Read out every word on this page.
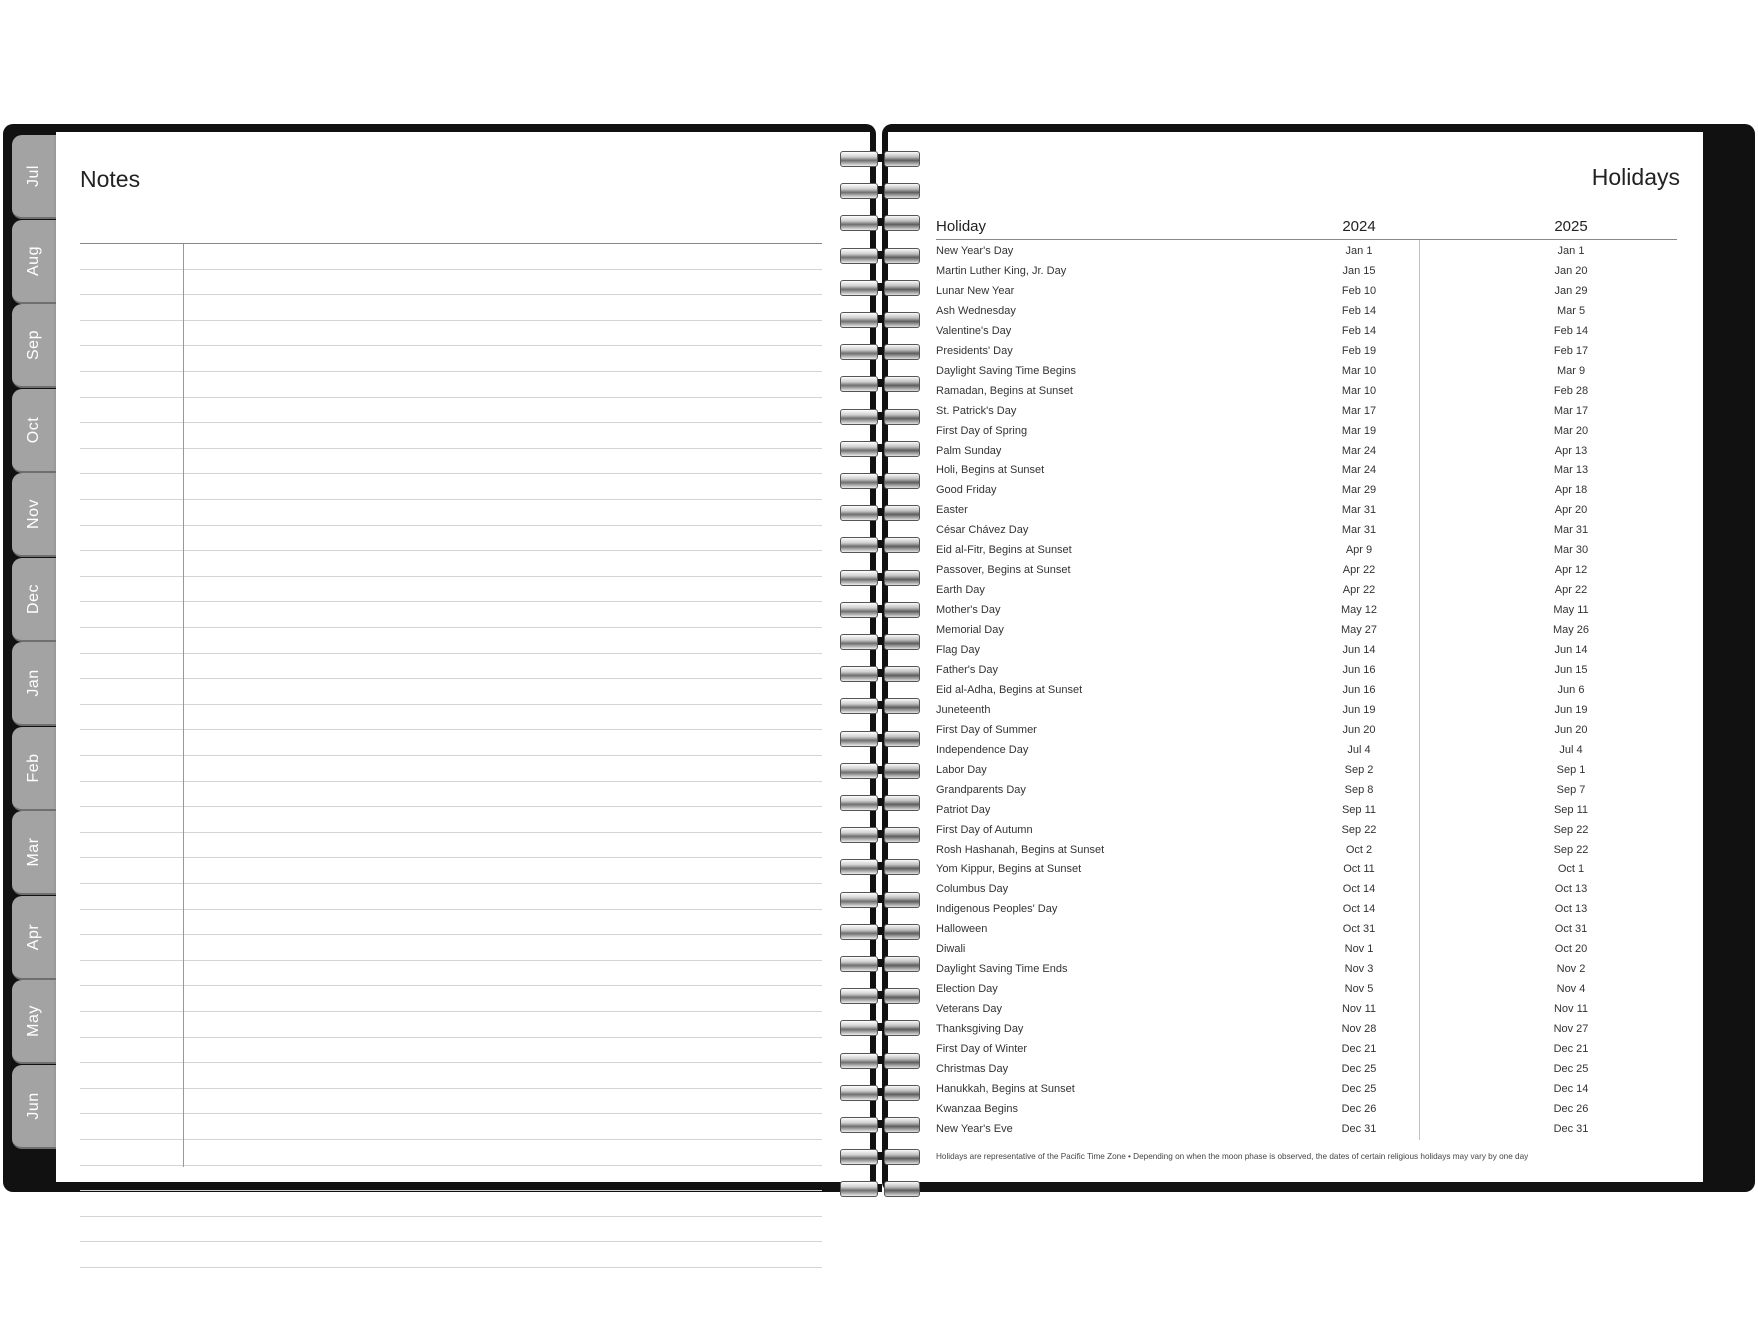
Jul
Aug
Sep
Oct
Nov
Dec
Jan
Feb
Mar
Apr
May
Jun
Notes	Holidays
Holiday	2024	2025
New Year's Day	Jan 1	Jan 1
Martin Luther King, Jr. Day	Jan 15	Jan 20
Lunar New Year	Feb 10	Jan 29
Ash Wednesday	Feb 14	Mar 5
Valentine's Day	Feb 14	Feb 14
Presidents' Day	Feb 19	Feb 17
Daylight Saving Time Begins	Mar 10	Mar 9
Ramadan, Begins at Sunset	Mar 10	Feb 28
St. Patrick's Day	Mar 17	Mar 17
First Day of Spring	Mar 19	Mar 20
Palm Sunday	Mar 24	Apr 13
Holi, Begins at Sunset	Mar 24	Mar 13
Good Friday	Mar 29	Apr 18
Easter	Mar 31	Apr 20
César Chávez Day	Mar 31	Mar 31
Eid al-Fitr, Begins at Sunset	Apr 9	Mar 30
Passover, Begins at Sunset	Apr 22	Apr 12
Earth Day	Apr 22	Apr 22
Mother's Day	May 12	May 11
Memorial Day	May 27	May 26
Flag Day	Jun 14	Jun 14
Father's Day	Jun 16	Jun 15
Eid al-Adha, Begins at Sunset	Jun 16	Jun 6
Juneteenth	Jun 19	Jun 19
First Day of Summer	Jun 20	Jun 20
Independence Day	Jul 4	Jul 4
Labor Day	Sep 2	Sep 1
Grandparents Day	Sep 8	Sep 7
Patriot Day	Sep 11	Sep 11
First Day of Autumn	Sep 22	Sep 22
Rosh Hashanah, Begins at Sunset	Oct 2	Sep 22
Yom Kippur, Begins at Sunset	Oct 11	Oct 1
Columbus Day	Oct 14	Oct 13
Indigenous Peoples' Day	Oct 14	Oct 13
Halloween	Oct 31	Oct 31
Diwali	Nov 1	Oct 20
Daylight Saving Time Ends	Nov 3	Nov 2
Election Day	Nov 5	Nov 4
Veterans Day	Nov 11	Nov 11
Thanksgiving Day	Nov 28	Nov 27
First Day of Winter	Dec 21	Dec 21
Christmas Day	Dec 25	Dec 25
Hanukkah, Begins at Sunset	Dec 25	Dec 14
Kwanzaa Begins	Dec 26	Dec 26
New Year's Eve	Dec 31	Dec 31
Holidays are representative of the Pacific Time Zone • Depending on when the moon phase is observed, the dates of certain religious holidays may vary by one day
